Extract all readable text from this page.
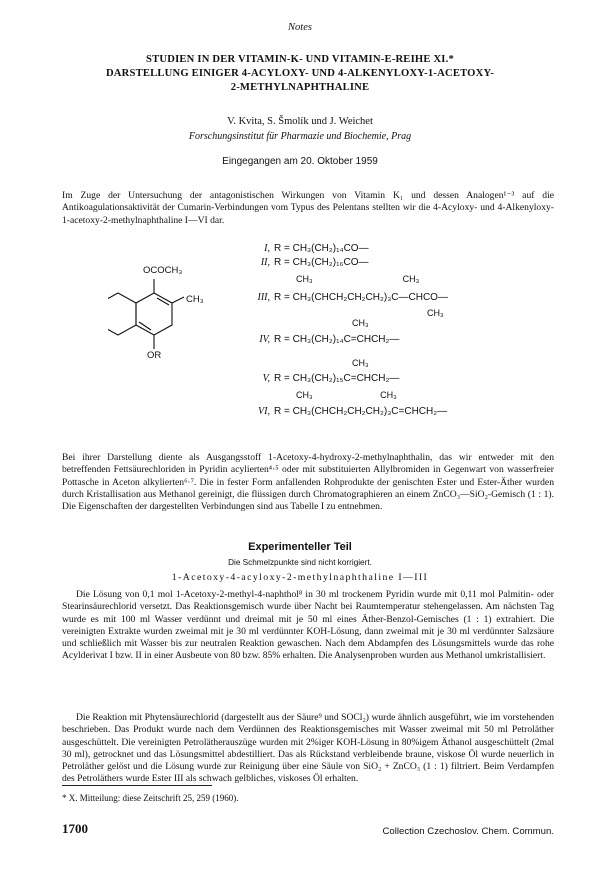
Notes
STUDIEN IN DER VITAMIN-K- UND VITAMIN-E-REIHE XI.*
DARSTELLUNG EINIGER 4-ACYLOXY- UND 4-ALKENYLOXY-1-ACETOXY-
2-METHYLNAPHTHALINE
V. Kvita, S. Šmolík und J. Weichet
Forschungsinstitut für Pharmazie und Biochemie, Prag
Eingegangen am 20. Oktober 1959
Im Zuge der Untersuchung der antagonistischen Wirkungen von Vitamin K₁ und dessen Analogen¹⁻³ auf die Antikoagulationsaktivität der Cumarin-Verbindungen vom Typus des Pelentans stellten wir die 4-Acyloxy- und 4-Alkenyloxy-1-acetoxy-2-methylnaphthaline I—VI dar.
OCOCH₃
CH₃
OR
I, R = CH₃(CH₂)₁₄CO—
II, R = CH₃(CH₂)₁₆CO—
CH₃                                    CH₃
III, R = CH₃(CHCH₂CH₂CH₂)₃C—CHCO—
CH₃
CH₃
IV, R = CH₃(CH₂)₁₄C=CHCH₂—
CH₃
V, R = CH₃(CH₂)₁₅C=CHCH₂—
CH₃                           CH₃
VI, R = CH₃(CHCH₂CH₂CH₂)₃C=CHCH₂—
Bei ihrer Darstellung diente als Ausgangsstoff 1-Acetoxy-4-hydroxy-2-methylnaphthalin, das wir entweder mit den betreffenden Fettsäurechloriden in Pyridin acylierten⁴·⁵ oder mit substituierten Allylbromiden in Gegenwart von wasserfreier Pottasche in Aceton alkylierten⁶·⁷. Die in fester Form anfallenden Rohprodukte der genischten Ester und Ester-Äther wurden durch Kristallisation aus Methanol gereinigt, die flüssigen durch Chromatographieren an einem ZnCO₃—SiO₂-Gemisch (1 : 1). Die Eigenschaften der dargestellten Verbindungen sind aus Tabelle I zu entnehmen.
Experimenteller Teil
Die Schmelzpunkte sind nicht korrigiert.
1-Acetoxy-4-acyloxy-2-methylnaphthaline I—III
Die Lösung von 0,1 mol 1-Acetoxy-2-methyl-4-naphthol⁸ in 30 ml trockenem Pyridin wurde mit 0,11 mol Palmitin- oder Stearinsäurechlorid versetzt. Das Reaktionsgemisch wurde über Nacht bei Raumtemperatur stehengelassen. Am nächsten Tag wurde es mit 100 ml Wasser verdünnt und dreimal mit je 50 ml eines Äther-Benzol-Gemisches (1 : 1) extrahiert. Die vereinigten Extrakte wurden zweimal mit je 30 ml verdünnter KOH-Lösung, dann zweimal mit je 30 ml verdünnter Salzsäure und schließlich mit Wasser bis zur neutralen Reaktion gewaschen. Nach dem Abdampfen des Lösungsmittels wurde das rohe Acylderivat I bzw. II in einer Ausbeute von 80 bzw. 85% erhalten. Die Analysenproben wurden aus Methanol umkristallisiert.
Die Reaktion mit Phytensäurechlorid (dargestellt aus der Säure⁹ und SOCl₂) wurde ähnlich ausgeführt, wie im vorstehenden beschrieben. Das Produkt wurde nach dem Verdünnen des Reaktionsgemisches mit Wasser zweimal mit 50 ml Petroläther ausgeschüttelt. Die vereinigten Petrolätherauszüge wurden mit 2%iger KOH-Lösung in 80%igem Äthanol ausgeschüttelt (2mal 30 ml), getrocknet und das Lösungsmittel abdestilliert. Das als Rückstand verbleibende braune, viskose Öl wurde neuerlich in Petroläther gelöst und die Lösung wurde zur Reinigung über eine Säule von SiO₂ + ZnCO₃ (1 : 1) filtriert. Beim Verdampfen des Petroläthers wurde Ester III als schwach gelbliches, viskoses Öl erhalten.
* X. Mitteilung: diese Zeitschrift 25, 259 (1960).
1700	Collection Czechoslov. Chem. Commun.
